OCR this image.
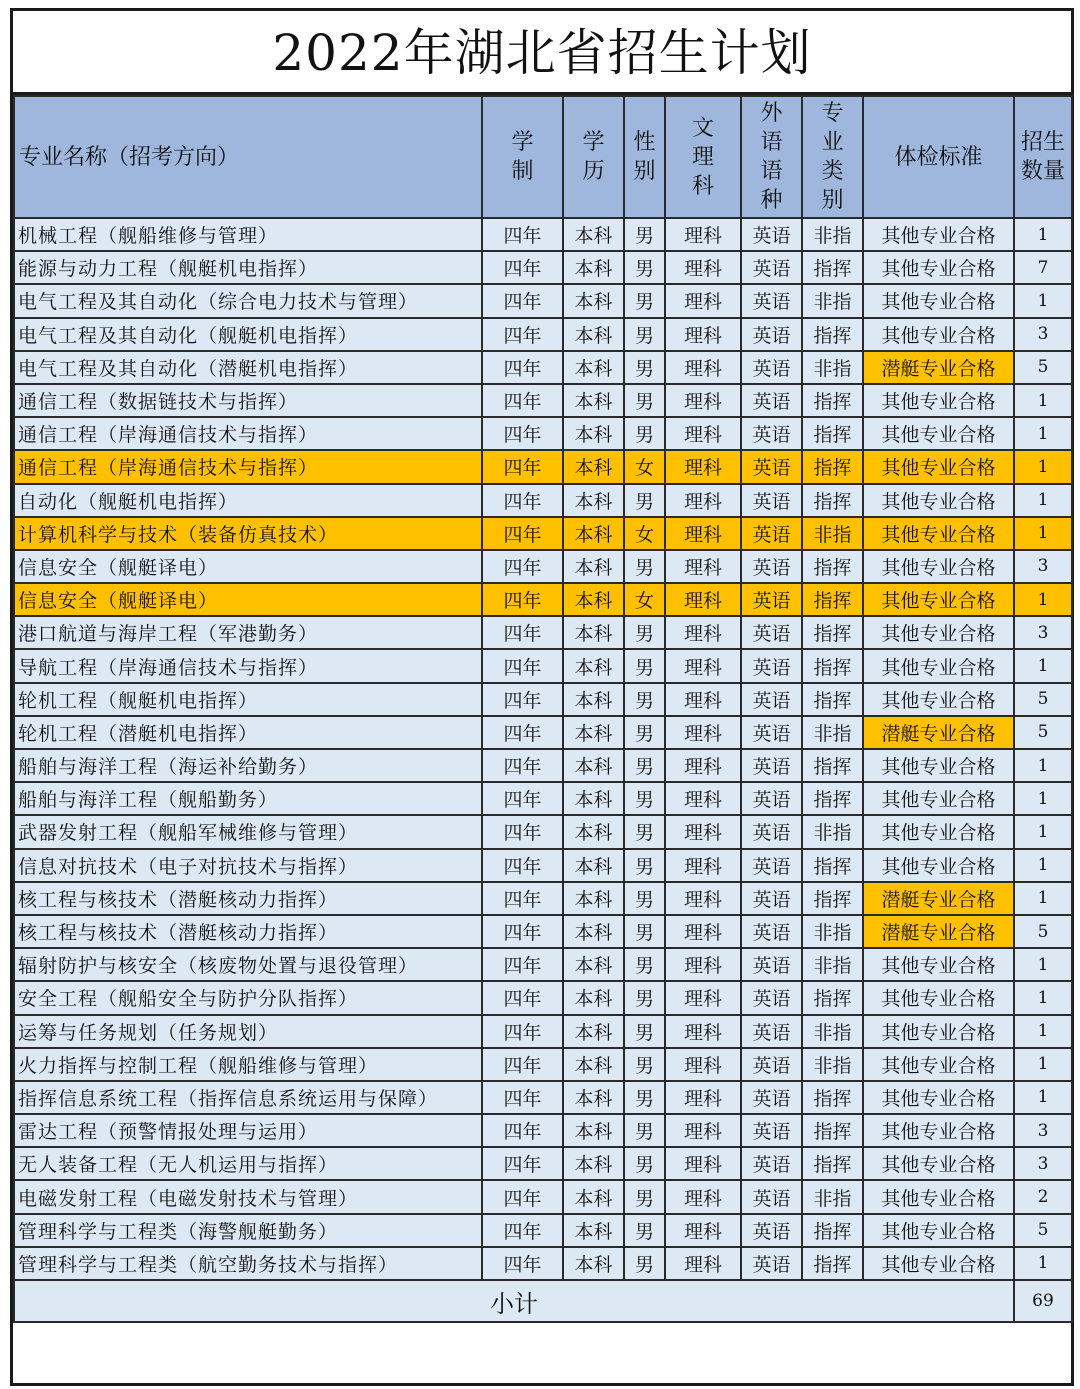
2022年湖北省招生计划
专业名称（招考方向）	学制	学历	性别	文理科	外语语种	专业类别	体检标准	招生数量
机械工程（舰船维修与管理）	四年	本科	男	理科	英语	非指	其他专业合格	1
能源与动力工程（舰艇机电指挥）	四年	本科	男	理科	英语	指挥	其他专业合格	7
电气工程及其自动化（综合电力技术与管理）	四年	本科	男	理科	英语	非指	其他专业合格	1
电气工程及其自动化（舰艇机电指挥）	四年	本科	男	理科	英语	指挥	其他专业合格	3
电气工程及其自动化（潜艇机电指挥）	四年	本科	男	理科	英语	非指	潜艇专业合格	5
通信工程（数据链技术与指挥）	四年	本科	男	理科	英语	指挥	其他专业合格	1
通信工程（岸海通信技术与指挥）	四年	本科	男	理科	英语	指挥	其他专业合格	1
通信工程（岸海通信技术与指挥）	四年	本科	女	理科	英语	指挥	其他专业合格	1
自动化（舰艇机电指挥）	四年	本科	男	理科	英语	指挥	其他专业合格	1
计算机科学与技术（装备仿真技术）	四年	本科	女	理科	英语	非指	其他专业合格	1
信息安全（舰艇译电）	四年	本科	男	理科	英语	指挥	其他专业合格	3
信息安全（舰艇译电）	四年	本科	女	理科	英语	指挥	其他专业合格	1
港口航道与海岸工程（军港勤务）	四年	本科	男	理科	英语	指挥	其他专业合格	3
导航工程（岸海通信技术与指挥）	四年	本科	男	理科	英语	指挥	其他专业合格	1
轮机工程（舰艇机电指挥）	四年	本科	男	理科	英语	指挥	其他专业合格	5
轮机工程（潜艇机电指挥）	四年	本科	男	理科	英语	非指	潜艇专业合格	5
船舶与海洋工程（海运补给勤务）	四年	本科	男	理科	英语	指挥	其他专业合格	1
船舶与海洋工程（舰船勤务）	四年	本科	男	理科	英语	指挥	其他专业合格	1
武器发射工程（舰船军械维修与管理）	四年	本科	男	理科	英语	非指	其他专业合格	1
信息对抗技术（电子对抗技术与指挥）	四年	本科	男	理科	英语	指挥	其他专业合格	1
核工程与核技术（潜艇核动力指挥）	四年	本科	男	理科	英语	指挥	潜艇专业合格	1
核工程与核技术（潜艇核动力指挥）	四年	本科	男	理科	英语	非指	潜艇专业合格	5
辐射防护与核安全（核废物处置与退役管理）	四年	本科	男	理科	英语	非指	其他专业合格	1
安全工程（舰船安全与防护分队指挥）	四年	本科	男	理科	英语	指挥	其他专业合格	1
运筹与任务规划（任务规划）	四年	本科	男	理科	英语	非指	其他专业合格	1
火力指挥与控制工程（舰船维修与管理）	四年	本科	男	理科	英语	非指	其他专业合格	1
指挥信息系统工程（指挥信息系统运用与保障）	四年	本科	男	理科	英语	指挥	其他专业合格	1
雷达工程（预警情报处理与运用）	四年	本科	男	理科	英语	指挥	其他专业合格	3
无人装备工程（无人机运用与指挥）	四年	本科	男	理科	英语	指挥	其他专业合格	3
电磁发射工程（电磁发射技术与管理）	四年	本科	男	理科	英语	非指	其他专业合格	2
管理科学与工程类（海警舰艇勤务）	四年	本科	男	理科	英语	指挥	其他专业合格	5
管理科学与工程类（航空勤务技术与指挥）	四年	本科	男	理科	英语	指挥	其他专业合格	1
小计								69
